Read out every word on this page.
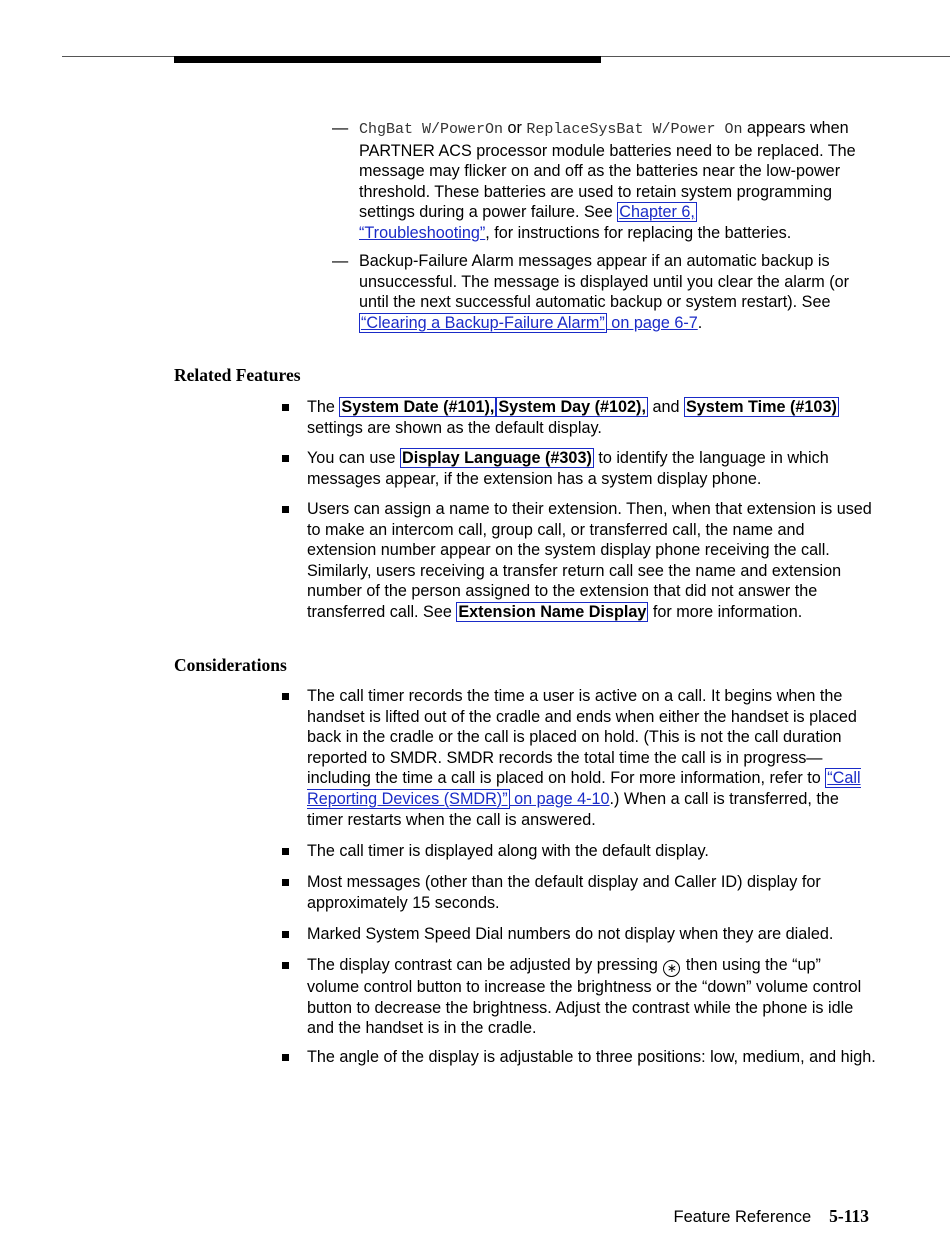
— ChgBat W/PowerOn or ReplaceSysBat W/Power On appears when PARTNER ACS processor module batteries need to be replaced. The message may flicker on and off as the batteries near the low-power threshold. These batteries are used to retain system programming settings during a power failure. See Chapter 6,
“Troubleshooting”, for instructions for replacing the batteries.
— Backup-Failure Alarm messages appear if an automatic backup is unsuccessful. The message is displayed until you clear the alarm (or until the next successful automatic backup or system restart). See “Clearing a Backup-Failure Alarm” on page 6-7.
Related Features
The System Date (#101), System Day (#102), and System Time (#103) settings are shown as the default display.
You can use Display Language (#303) to identify the language in which messages appear, if the extension has a system display phone.
Users can assign a name to their extension. Then, when that extension is used to make an intercom call, group call, or transferred call, the name and extension number appear on the system display phone receiving the call. Similarly, users receiving a transfer return call see the name and extension number of the person assigned to the extension that did not answer the transferred call. See Extension Name Display for more information.
Considerations
The call timer records the time a user is active on a call. It begins when the handset is lifted out of the cradle and ends when either the handset is placed back in the cradle or the call is placed on hold. (This is not the call duration reported to SMDR. SMDR records the total time the call is in progress— including the time a call is placed on hold. For more information, refer to “Call Reporting Devices (SMDR)” on page 4-10.) When a call is transferred, the timer restarts when the call is answered.
The call timer is displayed along with the default display.
Most messages (other than the default display and Caller ID) display for approximately 15 seconds.
Marked System Speed Dial numbers do not display when they are dialed.
The display contrast can be adjusted by pressing ∗ then using the “up” volume control button to increase the brightness or the “down” volume control button to decrease the brightness. Adjust the contrast while the phone is idle and the handset is in the cradle.
The angle of the display is adjustable to three positions: low, medium, and high.
Feature Reference 5-113
